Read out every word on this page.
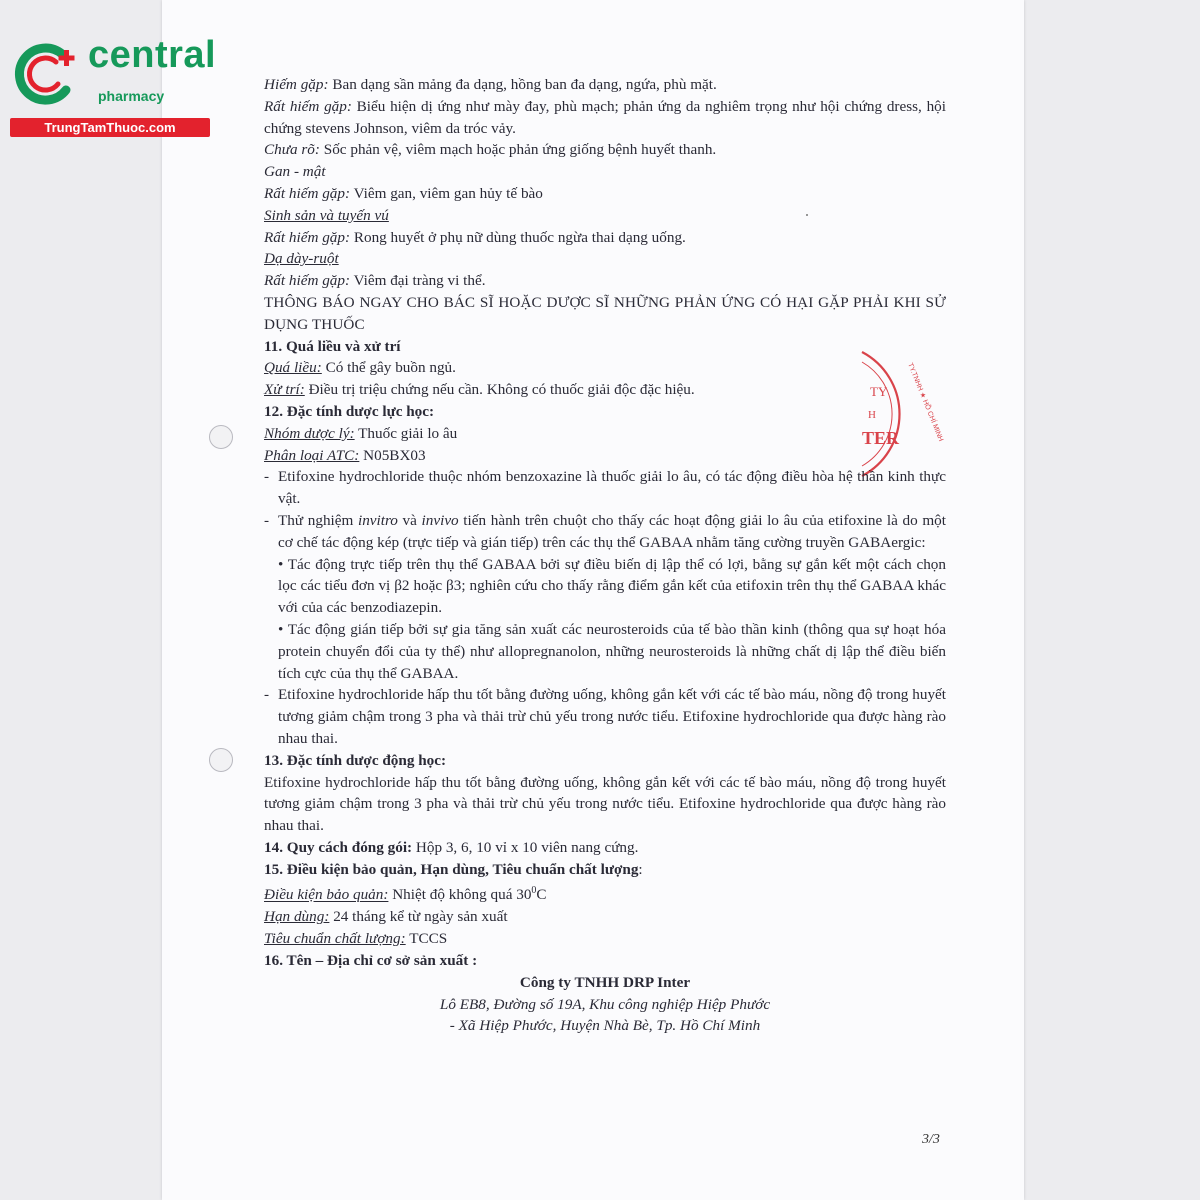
central
pharmacy
TrungTamThuoc.com
TY
H
TER TY.TNHH ★ HỒ CHÍ MINH

Hiếm gặp: Ban dạng sần mảng đa dạng, hồng ban đa dạng, ngứa, phù mặt.

Rất hiếm gặp: Biểu hiện dị ứng như mày đay, phù mạch; phản ứng da nghiêm trọng như hội chứng dress, hội chứng stevens Johnson, viêm da tróc vảy.

Chưa rõ: Sốc phản vệ, viêm mạch hoặc phản ứng giống bệnh huyết thanh.

Gan - mật

Rất hiếm gặp: Viêm gan, viêm gan hủy tế bào

Sinh sản và tuyến vú

Rất hiếm gặp: Rong huyết ở phụ nữ dùng thuốc ngừa thai dạng uống.

Dạ dày-ruột

Rất hiếm gặp: Viêm đại tràng vi thể.

THÔNG BÁO NGAY CHO BÁC SĨ HOẶC DƯỢC SĨ NHỮNG PHẢN ỨNG CÓ HẠI GẶP PHẢI KHI SỬ DỤNG THUỐC

11. Quá liều và xử trí

Quá liều: Có thể gây buồn ngủ.

Xử trí: Điều trị triệu chứng nếu cần. Không có thuốc giải độc đặc hiệu.

12. Đặc tính dược lực học:

Nhóm dược lý: Thuốc giải lo âu

Phân loại ATC: N05BX03

- Etifoxine hydrochloride thuộc nhóm benzoxazine là thuốc giải lo âu, có tác động điều hòa hệ thần kinh thực vật.
- Thử nghiệm invitro và invivo tiến hành trên chuột cho thấy các hoạt động giải lo âu của etifoxine là do một cơ chế tác động kép (trực tiếp và gián tiếp) trên các thụ thể GABAA nhằm tăng cường truyền GABAergic:

• Tác động trực tiếp trên thụ thể GABAA bởi sự điều biến dị lập thể có lợi, bằng sự gắn kết một cách chọn lọc các tiểu đơn vị β2 hoặc β3; nghiên cứu cho thấy rằng điểm gắn kết của etifoxin trên thụ thể GABAA khác với của các benzodiazepin.

• Tác động gián tiếp bởi sự gia tăng sản xuất các neurosteroids của tế bào thần kinh (thông qua sự hoạt hóa protein chuyển đổi của ty thể) như allopregnanolon, những neurosteroids là những chất dị lập thể điều biến tích cực của thụ thể GABAA.

- Etifoxine hydrochloride hấp thu tốt bằng đường uống, không gắn kết với các tế bào máu, nồng độ trong huyết tương giảm chậm trong 3 pha và thải trừ chủ yếu trong nước tiểu. Etifoxine hydrochloride qua được hàng rào nhau thai.

13. Đặc tính dược động học:

Etifoxine hydrochloride hấp thu tốt bằng đường uống, không gắn kết với các tế bào máu, nồng độ trong huyết tương giảm chậm trong 3 pha và thải trừ chủ yếu trong nước tiểu. Etifoxine hydrochloride qua được hàng rào nhau thai.

14. Quy cách đóng gói: Hộp 3, 6, 10 vỉ x 10 viên nang cứng.

15. Điều kiện bảo quản, Hạn dùng, Tiêu chuẩn chất lượng:

Điều kiện bảo quản: Nhiệt độ không quá $30^0C$

Hạn dùng: 24 tháng kể từ ngày sản xuất

Tiêu chuẩn chất lượng: TCCS

16. Tên – Địa chỉ cơ sở sản xuất :

Công ty TNHH DRP Inter

Lô EB8, Đường số 19A, Khu công nghiệp Hiệp Phước

- Xã Hiệp Phước, Huyện Nhà Bè, Tp. Hồ Chí Minh

3/3
